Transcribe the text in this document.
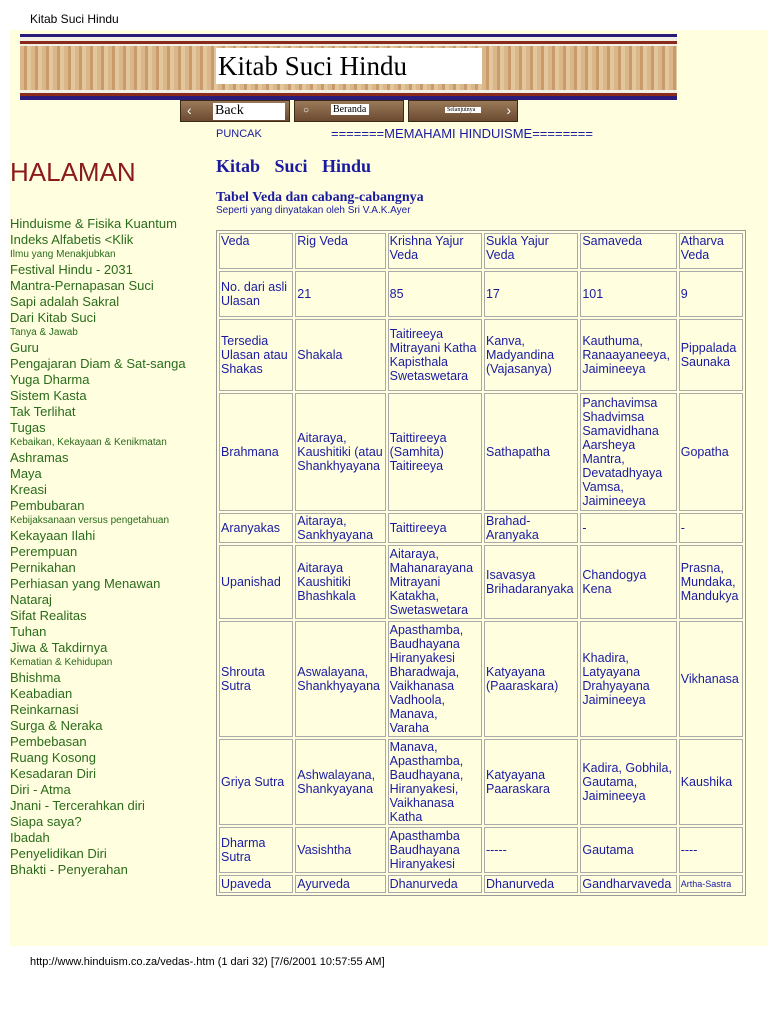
Kitab Suci Hindu
Kitab Suci Hindu
‹ Back	○ Beranda	Selanjutnya	›
PUNCAK	=======MEMAHAMI HINDUISME========
HALAMAN
Hinduisme & Fisika Kuantum
Indeks Alfabetis <Klik
Ilmu yang Menakjubkan
Festival Hindu - 2031
Mantra-Pernapasan Suci
Sapi adalah Sakral
Dari Kitab Suci
Tanya & Jawab
Guru
Pengajaran Diam & Sat-sanga
Yuga Dharma
Sistem Kasta
Tak Terlihat
Tugas
Kebaikan, Kekayaan & Kenikmatan
Ashramas
Maya
Kreasi
Pembubaran
Kebijaksanaan versus pengetahuan
Kekayaan Ilahi
Perempuan
Pernikahan
Perhiasan yang Menawan
Nataraj
Sifat Realitas
Tuhan
Jiwa & Takdirnya
Kematian & Kehidupan
Bhishma
Keabadian
Reinkarnasi
Surga & Neraka
Pembebasan
Ruang Kosong
Kesadaran Diri
Diri - Atma
Jnani - Tercerahkan diri
Siapa saya?
Ibadah
Penyelidikan Diri
Bhakti - Penyerahan
Kitab Suci Hindu
Tabel Veda dan cabang-cabangnya
Seperti yang dinyatakan oleh Sri V.A.K.Ayer
Veda	Rig Veda	Krishna Yajur Veda	Sukla Yajur Veda	Samaveda	Atharva Veda
No. dari asli Ulasan	21	85	17	101	9
Tersedia Ulasan atau Shakas	Shakala	Taitireeya Mitrayani Katha Kapisthala Swetaswetara	Kanva, Madyandina (Vajasanya)	Kauthuma, Ranaayaneeya, Jaimineeya	Pippalada Saunaka
Brahmana	Aitaraya, Kaushitiki (atau Shankhyayana	Taittireeya (Samhita) Taitireeya	Sathapatha	Panchavimsa Shadvimsa Samavidhana Aarsheya Mantra, Devatadhyaya Vamsa, Jaimineeya	Gopatha
Aranyakas	Aitaraya, Sankhyayana	Taittireeya	Brahad-Aranyaka	-	-
Upanishad	Aitaraya Kaushitiki Bhashkala	Aitaraya, Mahanarayana Mitrayani Katakha, Swetaswetara	Isavasya Brihadaranyaka	Chandogya Kena	Prasna, Mundaka, Mandukya
Shrouta Sutra	Aswalayana, Shankhyayana	Apasthamba, Baudhayana Hiranyakesi Bharadwaja, Vaikhanasa Vadhoola, Manava, Varaha	Katyayana (Paaraskara)	Khadira, Latyayana Drahyayana Jaimineeya	Vikhanasa
Griya Sutra	Ashwalayana, Shankyayana	Manava, Apasthamba, Baudhayana, Hiranyakesi, Vaikhanasa Katha	Katyayana Paaraskara	Kadira, Gobhila, Gautama, Jaimineeya	Kaushika
Dharma Sutra	Vasishtha	Apasthamba Baudhayana Hiranyakesi	-----	Gautama	----
Upaveda	Ayurveda	Dhanurveda	Dhanurveda	Gandharvaveda	Artha-Sastra
http://www.hinduism.co.za/vedas-.htm (1 dari 32) [7/6/2001 10:57:55 AM]
